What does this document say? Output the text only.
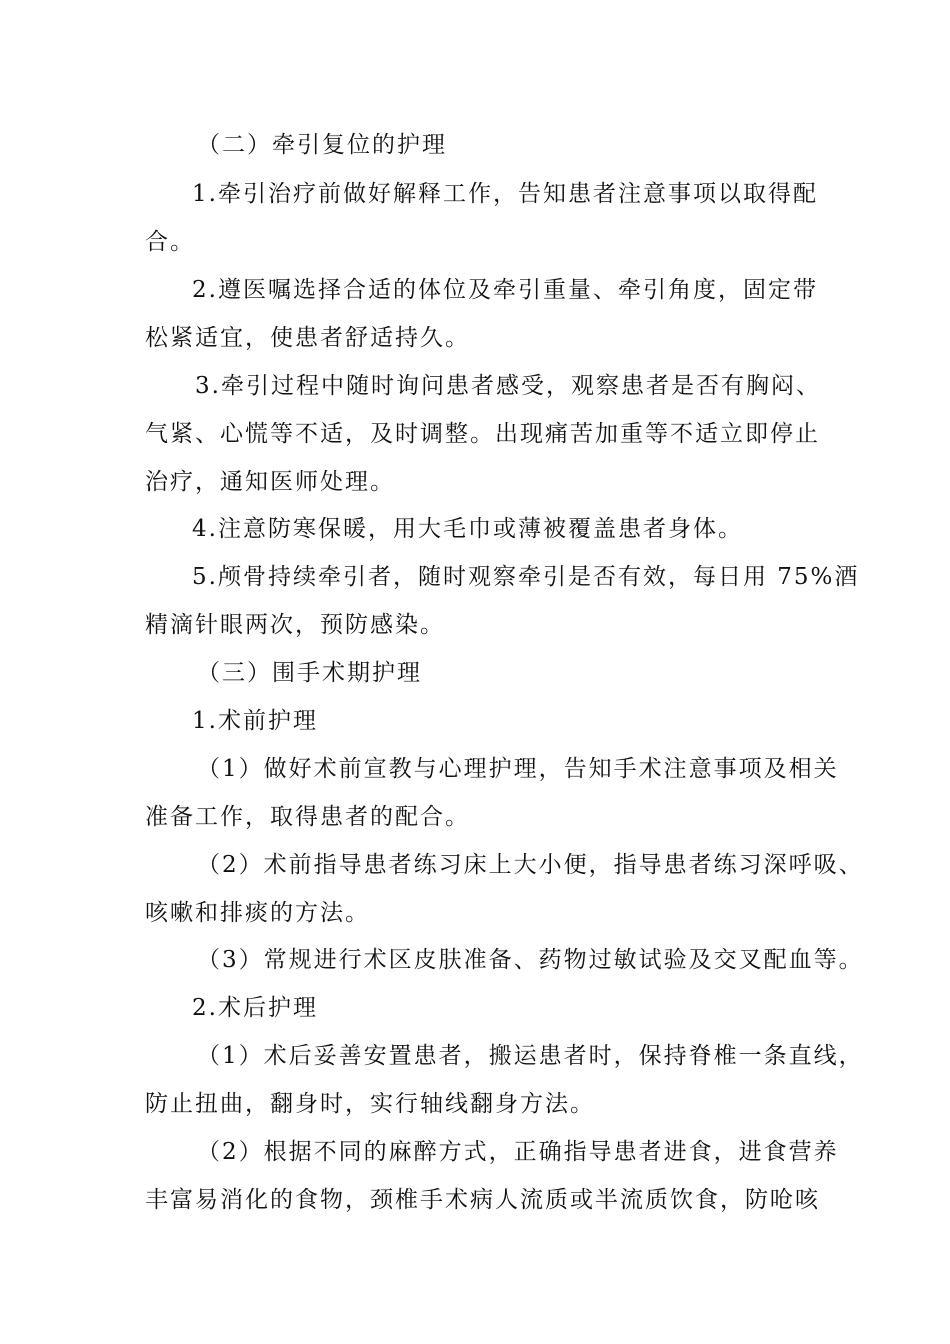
（二）牵引复位的护理
1.牵引治疗前做好解释工作，告知患者注意事项以取得配
合。
2.遵医嘱选择合适的体位及牵引重量、牵引角度，固定带
松紧适宜，使患者舒适持久。
3.牵引过程中随时询问患者感受，观察患者是否有胸闷、
气紧、心慌等不适，及时调整。出现痛苦加重等不适立即停止
治疗，通知医师处理。
4.注意防寒保暖，用大毛巾或薄被覆盖患者身体。
5.颅骨持续牵引者，随时观察牵引是否有效，每日用 75%酒
精滴针眼两次，预防感染。
（三）围手术期护理
1.术前护理
（1）做好术前宣教与心理护理，告知手术注意事项及相关
准备工作，取得患者的配合。
（2）术前指导患者练习床上大小便，指导患者练习深呼吸、
咳嗽和排痰的方法。
（3）常规进行术区皮肤准备、药物过敏试验及交叉配血等。
2.术后护理
（1）术后妥善安置患者，搬运患者时，保持脊椎一条直线，
防止扭曲，翻身时，实行轴线翻身方法。
（2）根据不同的麻醉方式，正确指导患者进食，进食营养
丰富易消化的食物，颈椎手术病人流质或半流质饮食，防呛咳
